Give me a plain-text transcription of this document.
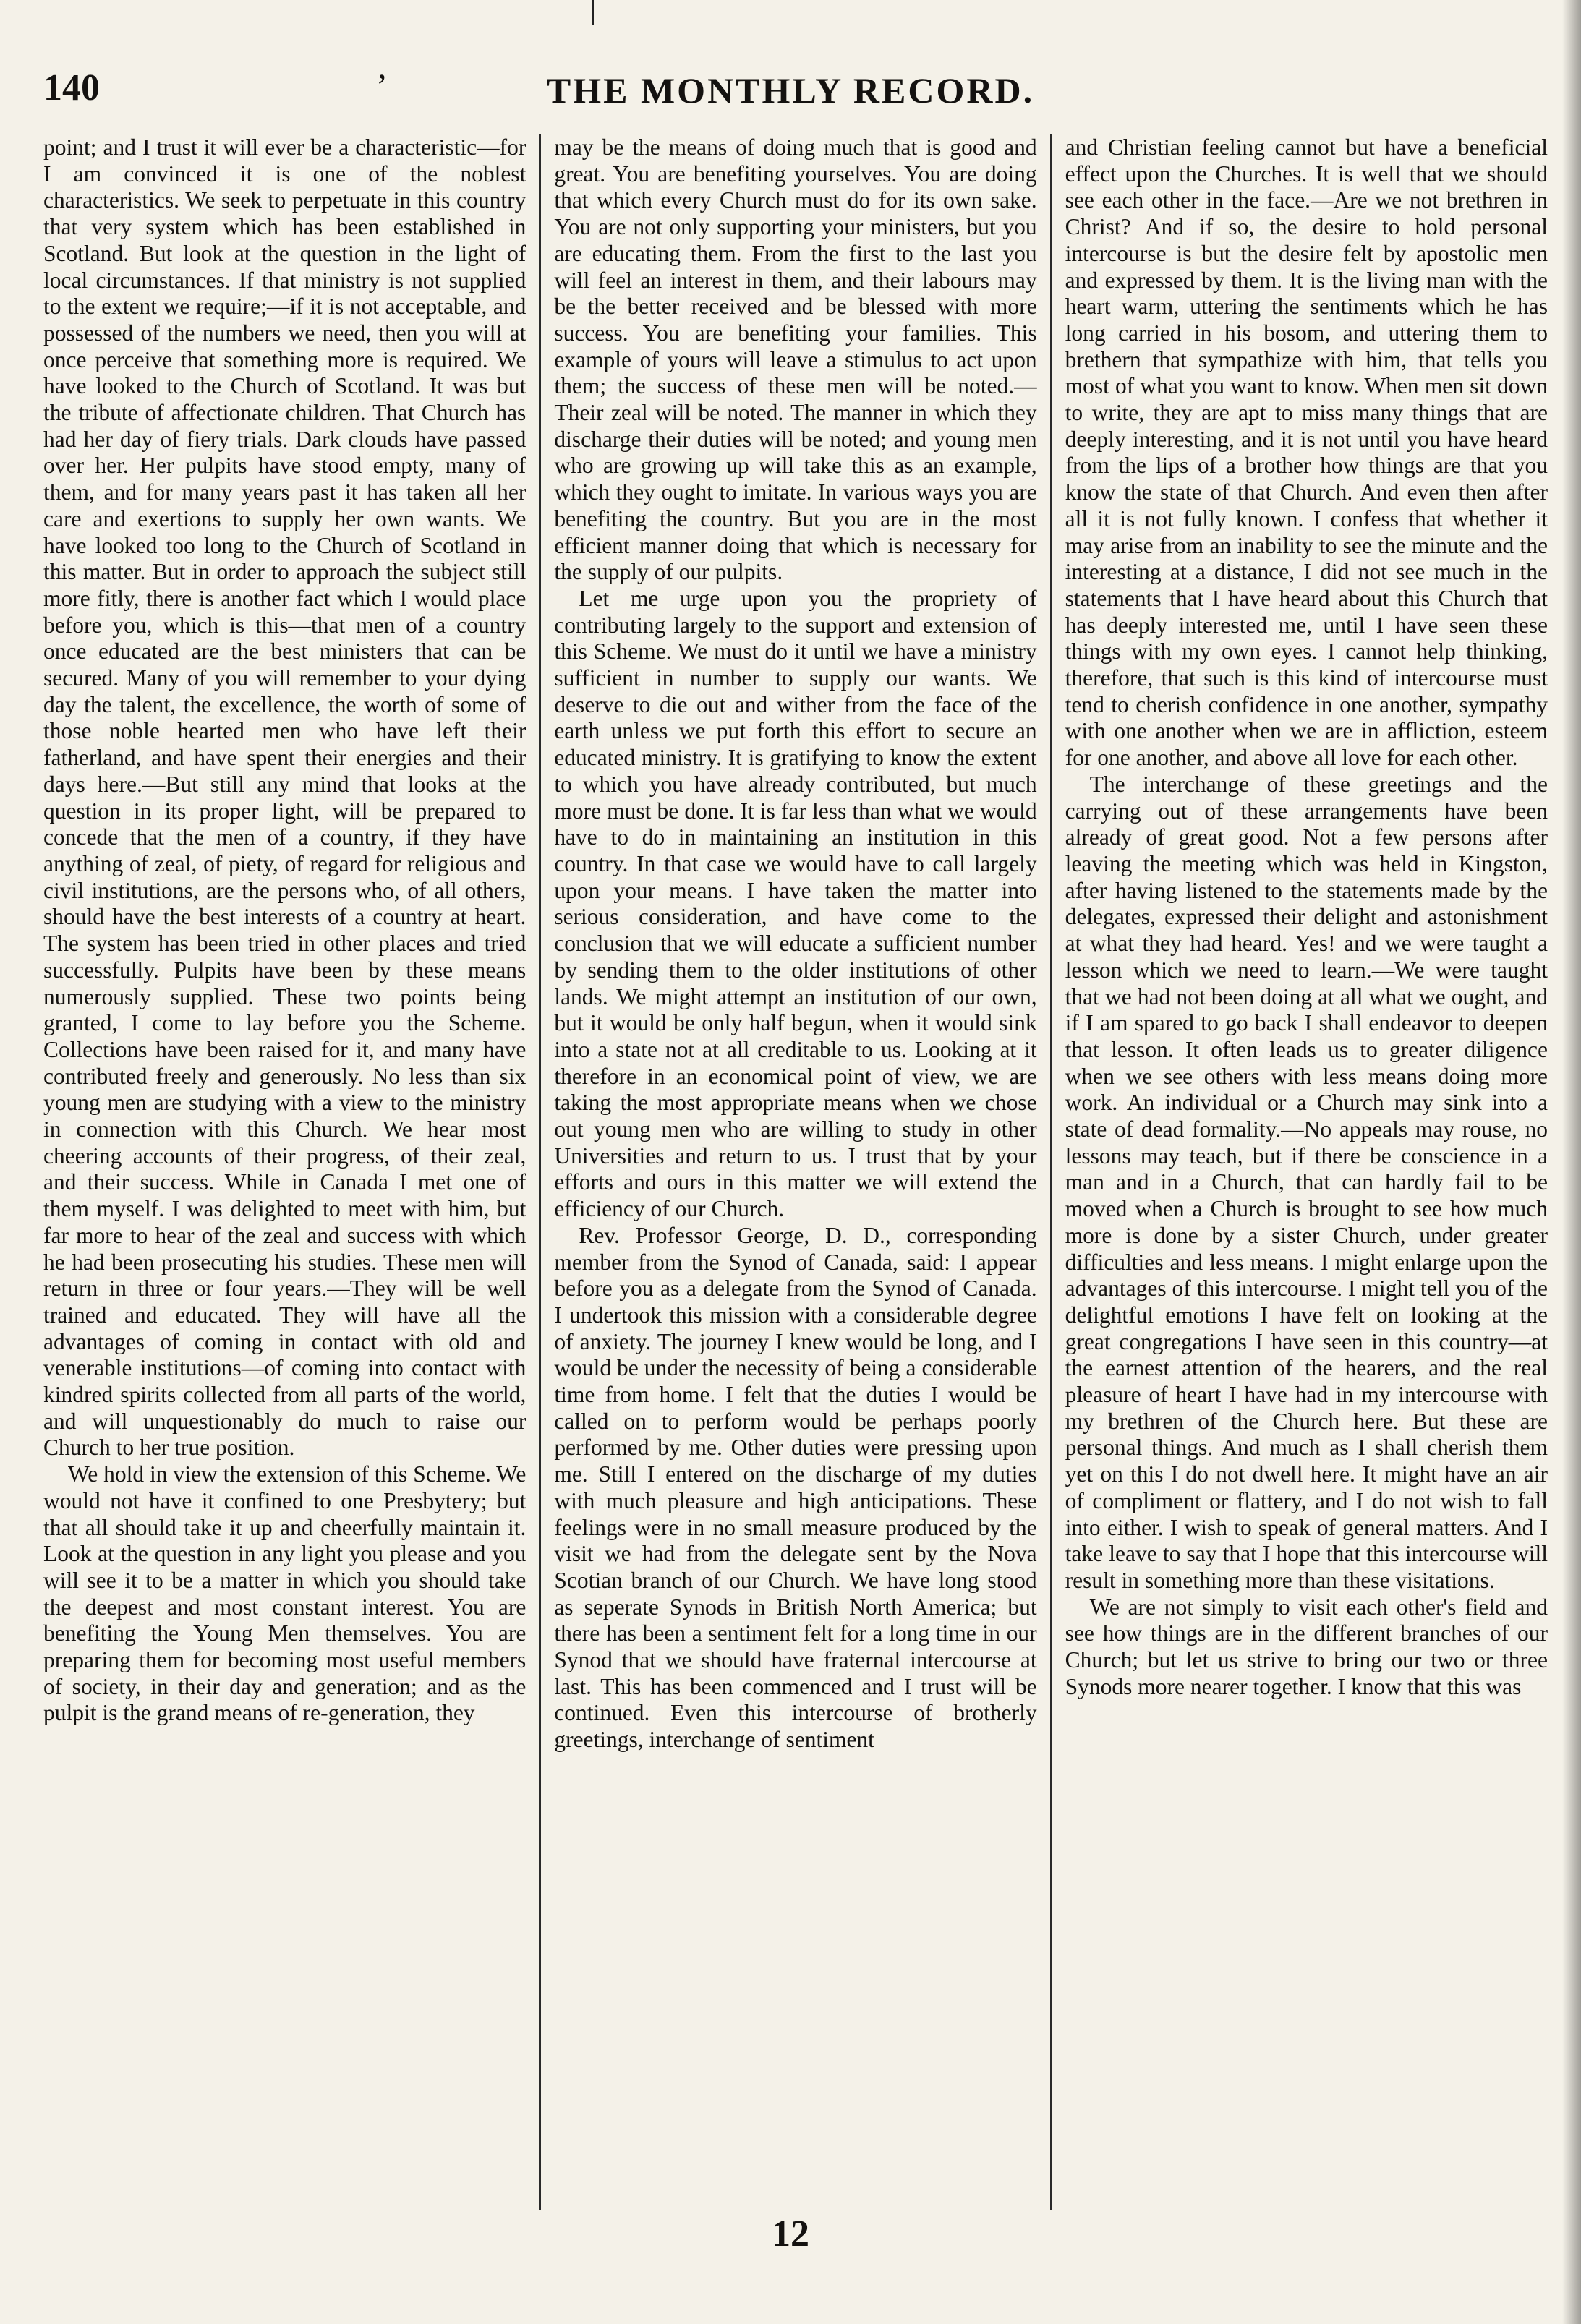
140	’	THE MONTHLY RECORD.

point; and I trust it will ever be a characteristic—for I am convinced it is one of the noblest characteristics. We seek to perpetuate in this country that very system which has been established in Scotland. But look at the question in the light of local circumstances. If that ministry is not supplied to the extent we require;—if it is not acceptable, and possessed of the numbers we need, then you will at once perceive that something more is required. We have looked to the Church of Scotland. It was but the tribute of affectionate children. That Church has had her day of fiery trials. Dark clouds have passed over her. Her pulpits have stood empty, many of them, and for many years past it has taken all her care and exertions to supply her own wants. We have looked too long to the Church of Scotland in this matter. But in order to approach the subject still more fitly, there is another fact which I would place before you, which is this—that men of a country once educated are the best ministers that can be secured. Many of you will remember to your dying day the talent, the excellence, the worth of some of those noble hearted men who have left their fatherland, and have spent their energies and their days here.—But still any mind that looks at the question in its proper light, will be prepared to concede that the men of a country, if they have anything of zeal, of piety, of regard for religious and civil institutions, are the persons who, of all others, should have the best interests of a country at heart. The system has been tried in other places and tried successfully. Pulpits have been by these means numerously supplied. These two points being granted, I come to lay before you the Scheme. Collections have been raised for it, and many have contributed freely and generously. No less than six young men are studying with a view to the ministry in connection with this Church. We hear most cheering accounts of their progress, of their zeal, and their success. While in Canada I met one of them myself. I was delighted to meet with him, but far more to hear of the zeal and success with which he had been prosecuting his studies. These men will return in three or four years.—They will be well trained and educated. They will have all the advantages of coming in contact with old and venerable institutions—of coming into contact with kindred spirits collected from all parts of the world, and will unquestionably do much to raise our Church to her true position.

We hold in view the extension of this Scheme. We would not have it confined to one Presbytery; but that all should take it up and cheerfully maintain it. Look at the question in any light you please and you will see it to be a matter in which you should take the deepest and most constant interest. You are benefiting the Young Men themselves. You are preparing them for becoming most useful members of society, in their day and generation; and as the pulpit is the grand means of re-generation, they

may be the means of doing much that is good and great. You are benefiting yourselves. You are doing that which every Church must do for its own sake. You are not only supporting your ministers, but you are educating them. From the first to the last you will feel an interest in them, and their labours may be the better received and be blessed with more success. You are benefiting your families. This example of yours will leave a stimulus to act upon them; the success of these men will be noted.—Their zeal will be noted. The manner in which they discharge their duties will be noted; and young men who are growing up will take this as an example, which they ought to imitate. In various ways you are benefiting the country. But you are in the most efficient manner doing that which is necessary for the supply of our pulpits.

Let me urge upon you the propriety of contributing largely to the support and extension of this Scheme. We must do it until we have a ministry sufficient in number to supply our wants. We deserve to die out and wither from the face of the earth unless we put forth this effort to secure an educated ministry. It is gratifying to know the extent to which you have already contributed, but much more must be done. It is far less than what we would have to do in maintaining an institution in this country. In that case we would have to call largely upon your means. I have taken the matter into serious consideration, and have come to the conclusion that we will educate a sufficient number by sending them to the older institutions of other lands. We might attempt an institution of our own, but it would be only half begun, when it would sink into a state not at all creditable to us. Looking at it therefore in an economical point of view, we are taking the most appropriate means when we chose out young men who are willing to study in other Universities and return to us. I trust that by your efforts and ours in this matter we will extend the efficiency of our Church.

Rev. Professor George, D. D., corresponding member from the Synod of Canada, said: I appear before you as a delegate from the Synod of Canada. I undertook this mission with a considerable degree of anxiety. The journey I knew would be long, and I would be under the necessity of being a considerable time from home. I felt that the duties I would be called on to perform would be perhaps poorly performed by me. Other duties were pressing upon me. Still I entered on the discharge of my duties with much pleasure and high anticipations. These feelings were in no small measure produced by the visit we had from the delegate sent by the Nova Scotian branch of our Church. We have long stood as seperate Synods in British North America; but there has been a sentiment felt for a long time in our Synod that we should have fraternal intercourse at last. This has been commenced and I trust will be continued. Even this intercourse of brotherly greetings, interchange of sentiment

and Christian feeling cannot but have a beneficial effect upon the Churches. It is well that we should see each other in the face.—Are we not brethren in Christ? And if so, the desire to hold personal intercourse is but the desire felt by apostolic men and expressed by them. It is the living man with the heart warm, uttering the sentiments which he has long carried in his bosom, and uttering them to brethern that sympathize with him, that tells you most of what you want to know. When men sit down to write, they are apt to miss many things that are deeply interesting, and it is not until you have heard from the lips of a brother how things are that you know the state of that Church. And even then after all it is not fully known. I confess that whether it may arise from an inability to see the minute and the interesting at a distance, I did not see much in the statements that I have heard about this Church that has deeply interested me, until I have seen these things with my own eyes. I cannot help thinking, therefore, that such is this kind of intercourse must tend to cherish confidence in one another, sympathy with one another when we are in affliction, esteem for one another, and above all love for each other.

The interchange of these greetings and the carrying out of these arrangements have been already of great good. Not a few persons after leaving the meeting which was held in Kingston, after having listened to the statements made by the delegates, expressed their delight and astonishment at what they had heard. Yes! and we were taught a lesson which we need to learn.—We were taught that we had not been doing at all what we ought, and if I am spared to go back I shall endeavor to deepen that lesson. It often leads us to greater diligence when we see others with less means doing more work. An individual or a Church may sink into a state of dead formality.—No appeals may rouse, no lessons may teach, but if there be conscience in a man and in a Church, that can hardly fail to be moved when a Church is brought to see how much more is done by a sister Church, under greater difficulties and less means. I might enlarge upon the advantages of this intercourse. I might tell you of the delightful emotions I have felt on looking at the great congregations I have seen in this country—at the earnest attention of the hearers, and the real pleasure of heart I have had in my intercourse with my brethren of the Church here. But these are personal things. And much as I shall cherish them yet on this I do not dwell here. It might have an air of compliment or flattery, and I do not wish to fall into either. I wish to speak of general matters. And I take leave to say that I hope that this intercourse will result in something more than these visitations.

We are not simply to visit each other's field and see how things are in the different branches of our Church; but let us strive to bring our two or three Synods more nearer together. I know that this was

12
